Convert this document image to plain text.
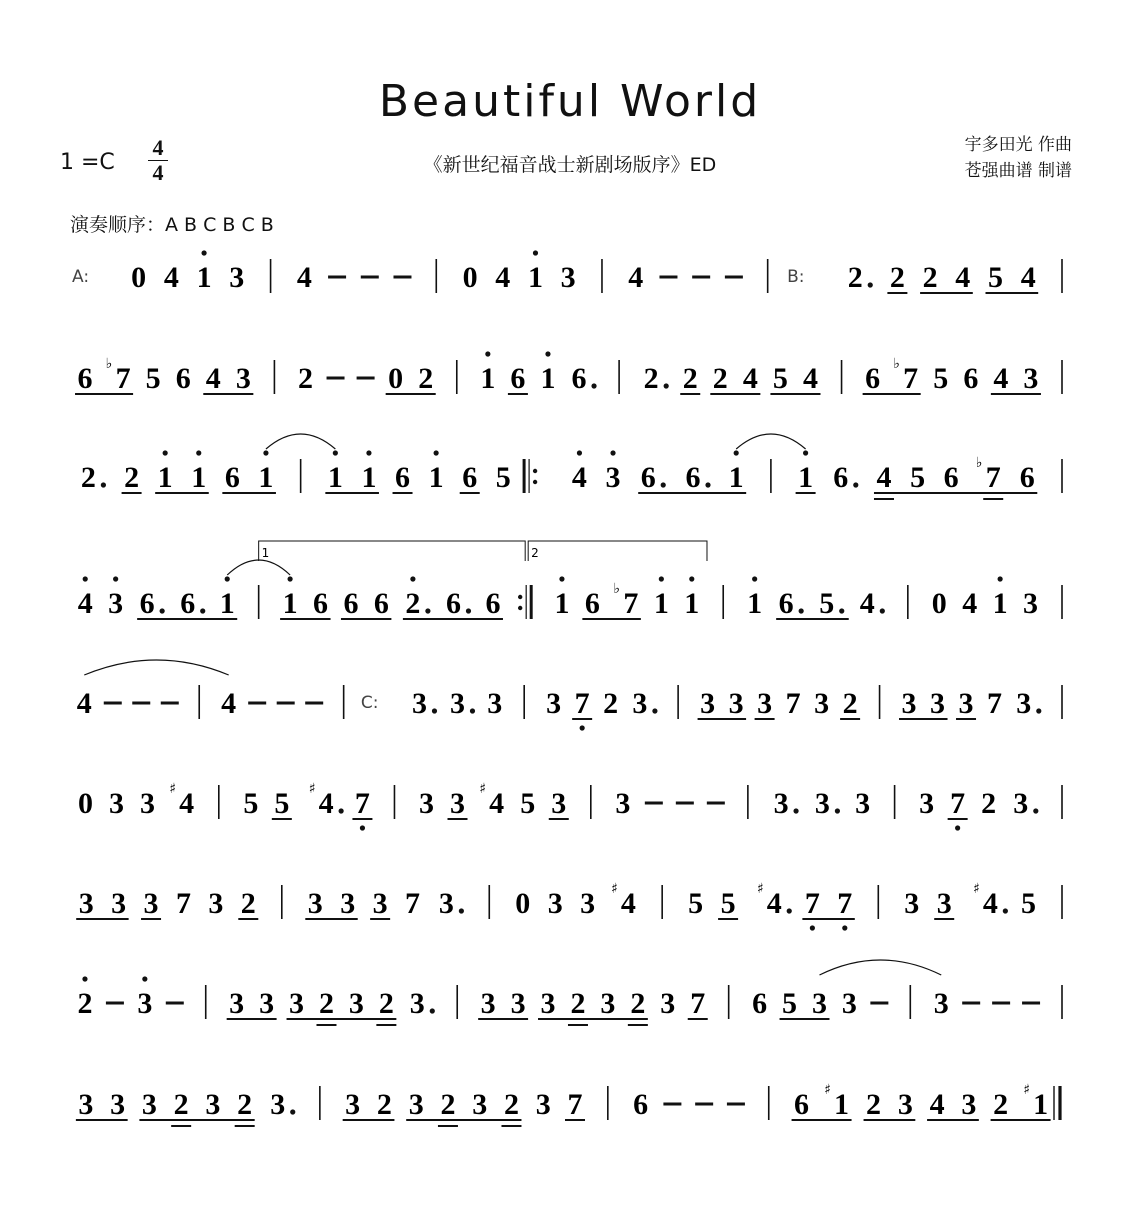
Beautiful World
《新世纪福音战士新剧场版序》ED
宇多田光 作曲
苍强曲谱 制谱
1 =C
4
4
演奏顺序：A B C B C B
A: 0 4 1 3 4	0 4 1 3 4	B: 2 2 2 4 5 4
6 ♭ 7 5 6 4 3 2	0 2 1 6 1 6 2 2 2 4 5 4 6 ♭ 7 5 6 4 3
2 2 1 1 6 1 1 1 6 1 6 5 4 3 6 6 1 1 6 4 5 6 ♭ 7 6
4 3 6 6 1 1 6 6 6 2 6 6
2
1 6 ♭ 7 1 1
1
1 6 5 4 0 4 1 3
4	4	C: 3 3 3 3 7 2 3 3 3 3 7 3 2 3 3 3 7 3
0 3 3 ♯ 4 5 5 ♯ 4 7 3 3 ♯ 4 5 3 3	3 3 3 3 7 2 3
3 3 3 7 3 2 3 3 3 7 3 0 3 3 ♯ 4 5 5 ♯ 4 7 7 3 3 ♯ 4 5
2 3	3 3 3 2 3 2 3 3 3 3 2 3 2 3 7 6 5 3 3	3
3 3 3 2 3 2 3 3 2 3 2 3 2 3 7 6	6 ♯ 1 2 3 4 3 2 ♯ 1
